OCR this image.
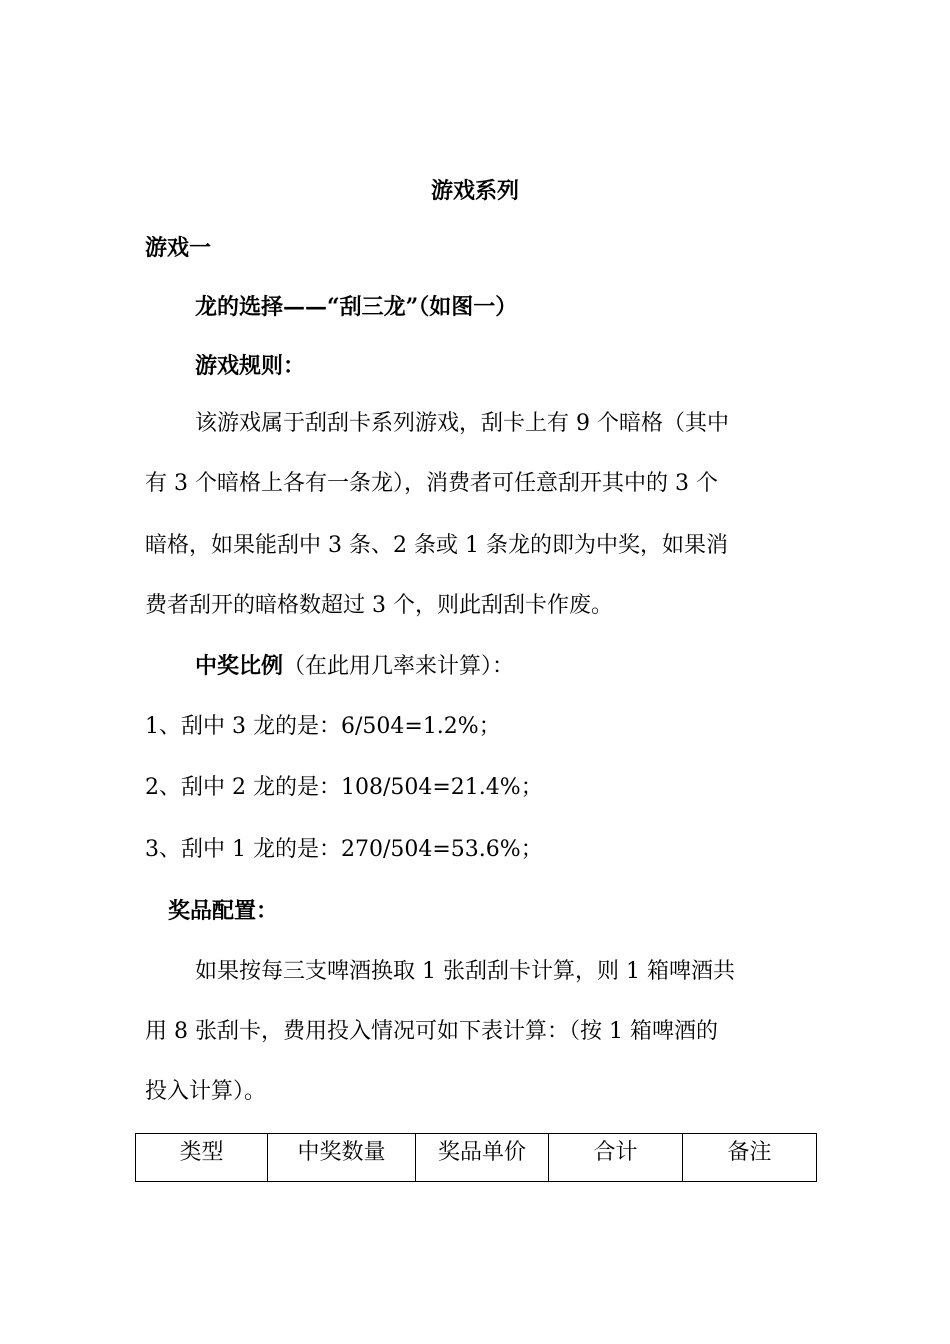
游戏系列
游戏一
龙的选择——“刮三龙”（如图一）
游戏规则：
该游戏属于刮刮卡系列游戏，刮卡上有 9 个暗格（其中
有 3 个暗格上各有一条龙），消费者可任意刮开其中的 3 个
暗格，如果能刮中 3 条、2 条或 1 条龙的即为中奖，如果消
费者刮开的暗格数超过 3 个，则此刮刮卡作废。
中奖比例（在此用几率来计算）：
1、刮中 3 龙的是：6/504=1.2%；
2、刮中 2 龙的是：108/504=21.4%；
3、刮中 1 龙的是：270/504=53.6%；
奖品配置：
如果按每三支啤酒换取 1 张刮刮卡计算，则 1 箱啤酒共
用 8 张刮卡，费用投入情况可如下表计算：（按 1 箱啤酒的
投入计算）。
类型	中奖数量	奖品单价	合计	备注
